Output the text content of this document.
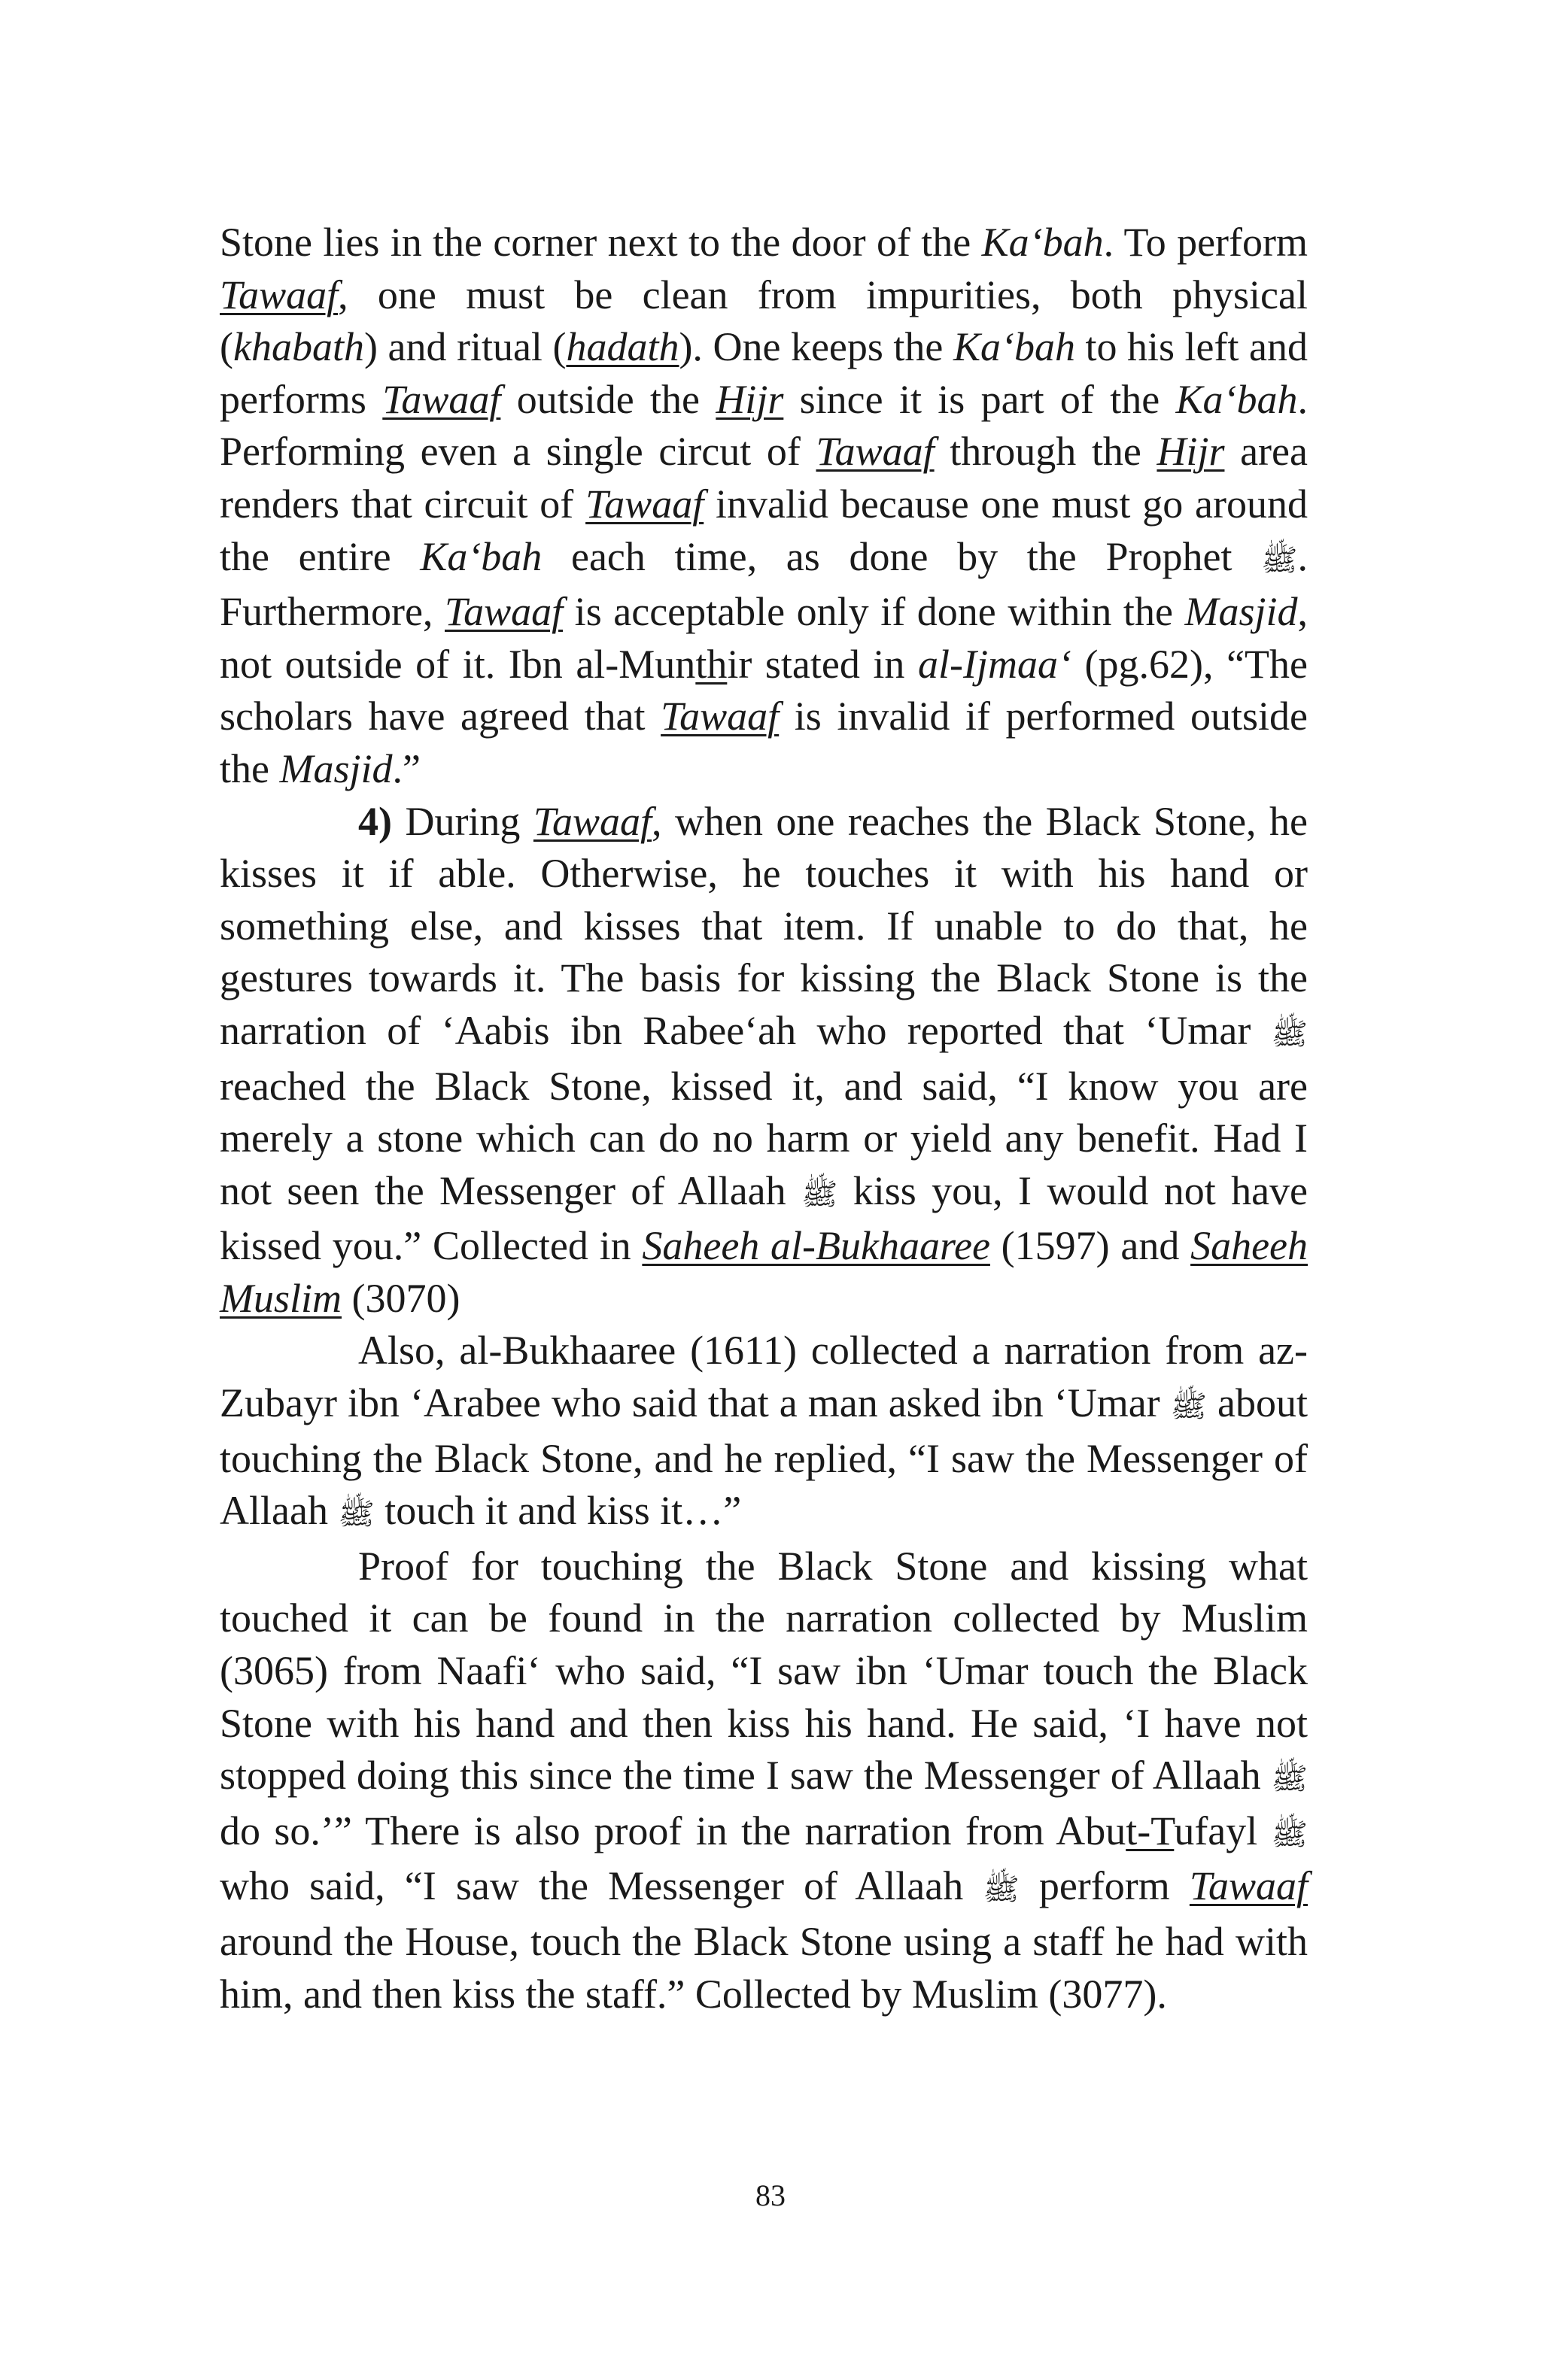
Stone lies in the corner next to the door of the Ka‘bah. To perform Tawaaf, one must be clean from impurities, both physical (khabath) and ritual (hadath). One keeps the Ka‘bah to his left and performs Tawaaf outside the Hijr since it is part of the Ka‘bah. Performing even a single circut of Tawaaf through the Hijr area renders that circuit of Tawaaf invalid because one must go around the entire Ka‘bah each time, as done by the Prophet ﷺ. Furthermore, Tawaaf is acceptable only if done within the Masjid, not outside of it. Ibn al-Munthir stated in al-Ijmaa‘ (pg.62), “The scholars have agreed that Tawaaf is invalid if performed outside the Masjid.”

4) During Tawaaf, when one reaches the Black Stone, he kisses it if able. Otherwise, he touches it with his hand or something else, and kisses that item. If unable to do that, he gestures towards it. The basis for kissing the Black Stone is the narration of ‘Aabis ibn Rabee‘ah who reported that ‘Umar ﷺ reached the Black Stone, kissed it, and said, “I know you are merely a stone which can do no harm or yield any benefit. Had I not seen the Messenger of Allaah ﷺ kiss you, I would not have kissed you.” Collected in Saheeh al-Bukhaaree (1597) and Saheeh Muslim (3070)

Also, al-Bukhaaree (1611) collected a narration from az-Zubayr ibn ‘Arabee who said that a man asked ibn ‘Umar ﷺ about touching the Black Stone, and he replied, “I saw the Messenger of Allaah ﷺ touch it and kiss it…”

Proof for touching the Black Stone and kissing what touched it can be found in the narration collected by Muslim (3065) from Naafi‘ who said, “I saw ibn ‘Umar touch the Black Stone with his hand and then kiss his hand. He said, ‘I have not stopped doing this since the time I saw the Messenger of Allaah ﷺ do so.’” There is also proof in the narration from Abut-Tufayl ﷺ who said, “I saw the Messenger of Allaah ﷺ perform Tawaaf around the House, touch the Black Stone using a staff he had with him, and then kiss the staff.” Collected by Muslim (3077).

83
